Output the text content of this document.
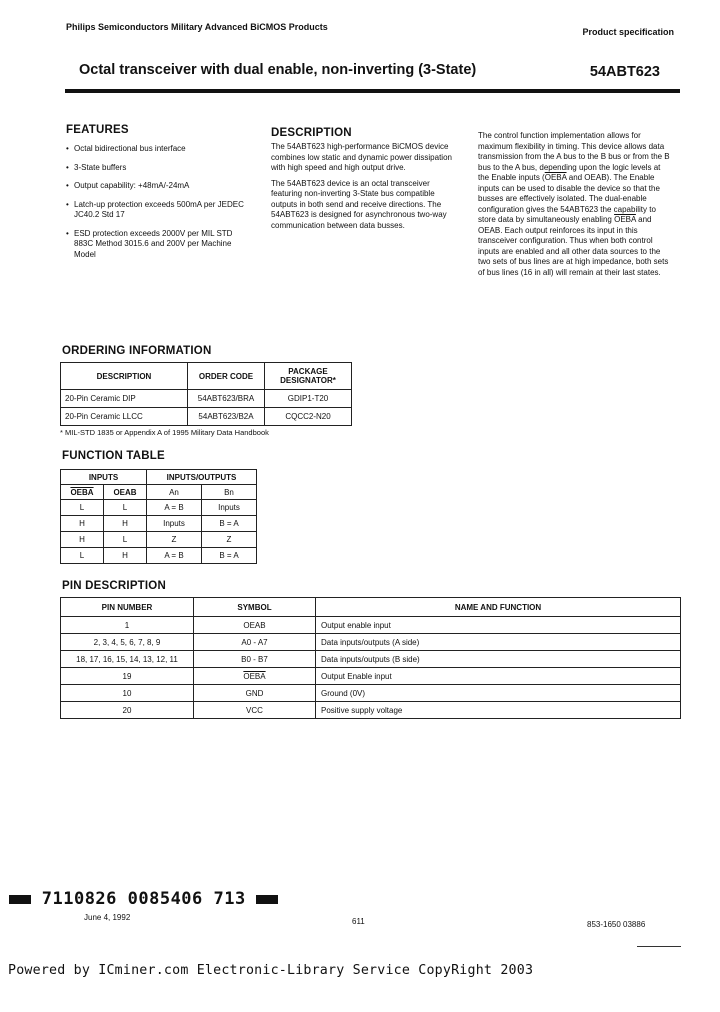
Philips Semiconductors Military Advanced BiCMOS Products	Product specification
Octal transceiver with dual enable, non-inverting (3-State)	54ABT623
FEATURES
• Octal bidirectional bus interface
• 3-State buffers
• Output capability: +48mA/-24mA
• Latch-up protection exceeds 500mA per JEDEC JC40.2 Std 17
• ESD protection exceeds 2000V per MIL STD 883C Method 3015.6 and 200V per Machine Model
DESCRIPTION

The 54ABT623 high-performance BiCMOS device combines low static and dynamic power dissipation with high speed and high output drive.

The 54ABT623 device is an octal transceiver featuring non-inverting 3-State bus compatible outputs in both send and receive directions. The 54ABT623 is designed for asynchronous two-way communication between data busses.

The control function implementation allows for maximum flexibility in timing. This device allows data transmission from the A bus to the B bus or from the B bus to the A bus, depending upon the logic levels at the Enable inputs (OEBA and OEAB). The Enable inputs can be used to disable the device so that the busses are effectively isolated. The dual-enable configuration gives the 54ABT623 the capability to store data by simultaneously enabling OEBA and OEAB. Each output reinforces its input in this transceiver configuration. Thus when both control inputs are enabled and all other data sources to the two sets of bus lines are at high impedance, both sets of bus lines (16 in all) will remain at their last states.

ORDERING INFORMATION
DESCRIPTION	ORDER CODE	PACKAGE DESIGNATOR*
20-Pin Ceramic DIP	54ABT623/BRA	GDIP1-T20
20-Pin Ceramic LLCC	54ABT623/B2A	CQCC2-N20
* MIL-STD 1835 or Appendix A of 1995 Military Data Handbook
FUNCTION TABLE
INPUTS		INPUTS/OUTPUTS	
OEBA	OEAB	An	Bn
L	L	A = B	Inputs
H	H	Inputs	B = A
H	L	Z	Z
L	H	A = B	B = A
PIN DESCRIPTION
PIN NUMBER	SYMBOL	NAME AND FUNCTION
1	OEAB	Output enable input
2, 3, 4, 5, 6, 7, 8, 9	A0 - A7	Data inputs/outputs (A side)
18, 17, 16, 15, 14, 13, 12, 11	B0 - B7	Data inputs/outputs (B side)
19	OEBA	Output Enable input
10	GND	Ground (0V)
20	VCC	Positive supply voltage
7110826 0085406 713
June 4, 1992	611	853-1650 03886
Powered by ICminer.com Electronic-Library Service CopyRight 2003
